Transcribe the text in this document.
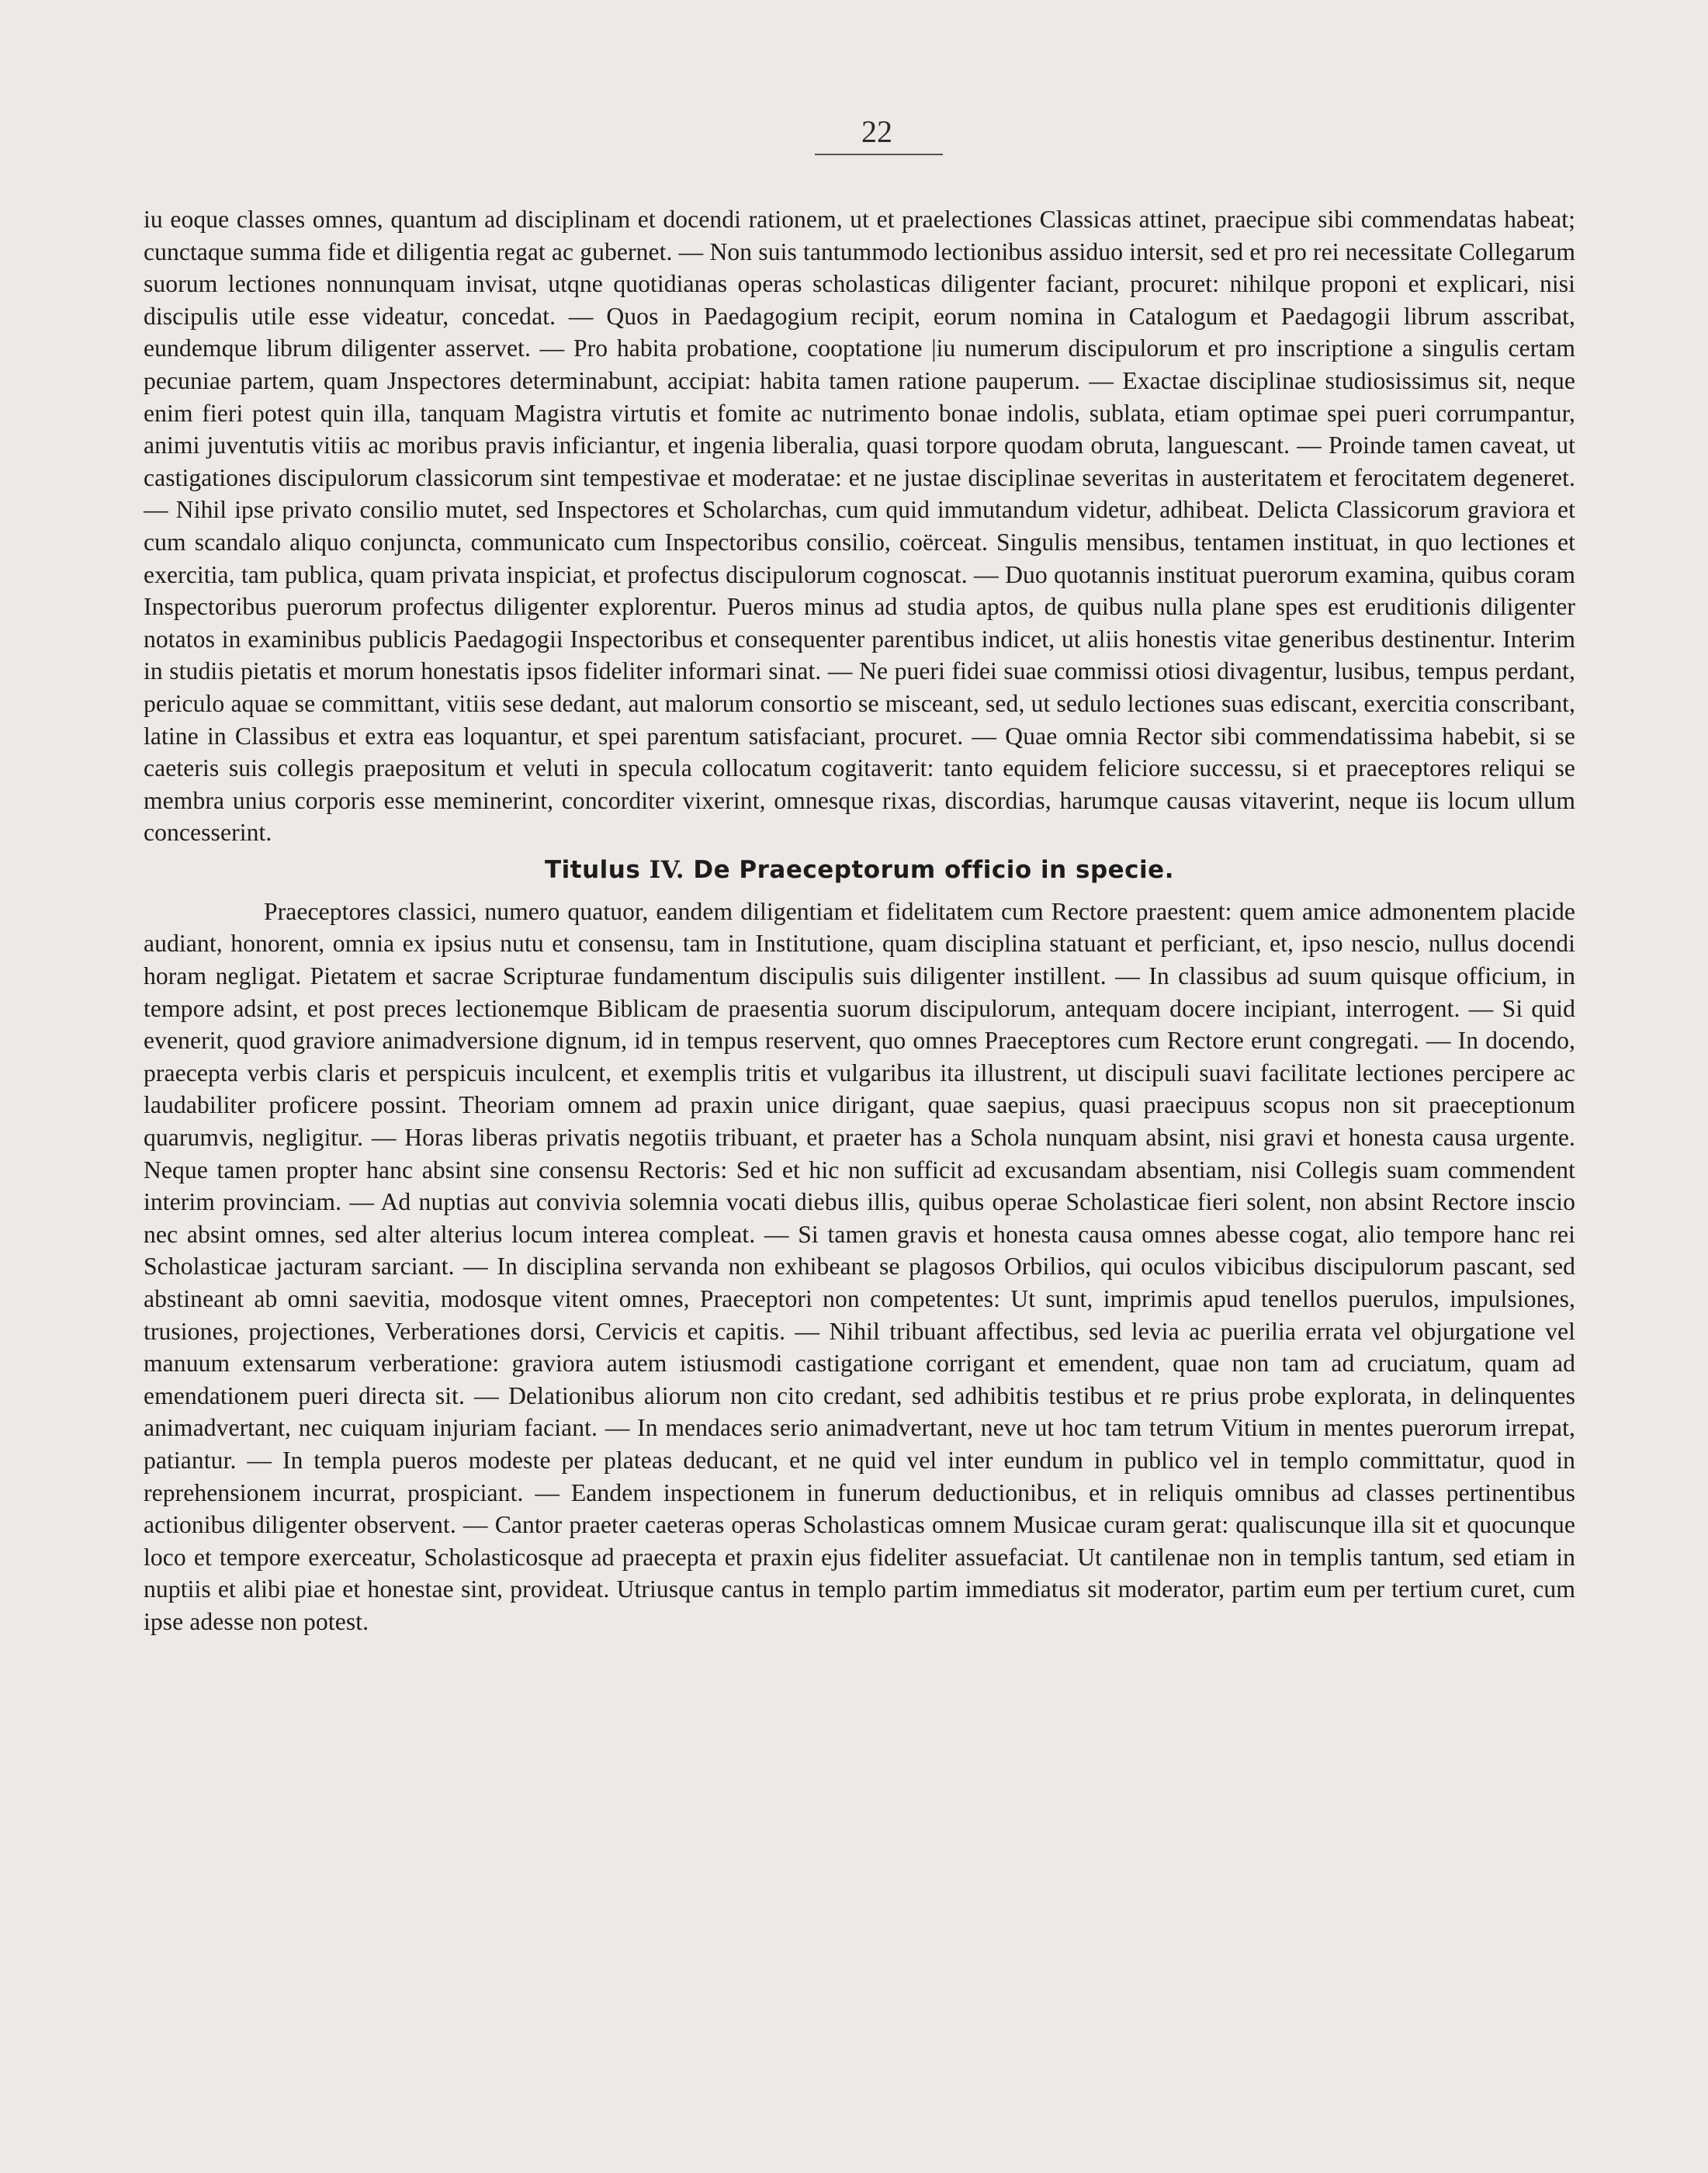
22

iu eoque classes omnes, quantum ad disciplinam et docendi rationem, ut et praelectiones Classicas attinet, praecipue sibi commendatas habeat; cunctaque summa fide et diligentia regat ac gubernet. — Non suis tantummodo lectionibus assiduo intersit, sed et pro rei necessitate Collegarum suorum lectiones nonnunquam invisat, utqne quotidianas operas scholasticas diligenter faciant, procuret: nihilque proponi et explicari, nisi discipulis utile esse videatur, concedat. — Quos in Paedagogium recipit, eorum nomina in Catalogum et Paedagogii librum asscribat, eundemque librum diligenter asservet. — Pro habita probatione, cooptatione |iu numerum discipulorum et pro inscriptione a singulis certam pecuniae partem, quam Jnspectores determinabunt, accipiat: habita tamen ratione pauperum. — Exactae disciplinae studiosissimus sit, neque enim fieri potest quin illa, tanquam Magistra virtutis et fomite ac nutrimento bonae indolis, sublata, etiam optimae spei pueri corrumpantur, animi juventutis vitiis ac moribus pravis inficiantur, et ingenia liberalia, quasi torpore quodam obruta, languescant. — Proinde tamen caveat, ut castigationes discipulorum classicorum sint tempestivae et moderatae: et ne justae disciplinae severitas in austeritatem et ferocitatem degeneret. — Nihil ipse privato consilio mutet, sed Inspectores et Scholarchas, cum quid immutandum videtur, adhibeat. Delicta Classicorum graviora et cum scandalo aliquo conjuncta, communicato cum Inspectoribus consilio, coërceat. Singulis mensibus, tentamen instituat, in quo lectiones et exercitia, tam publica, quam privata inspiciat, et profectus discipulorum cognoscat. — Duo quotannis instituat puerorum examina, quibus coram Inspectoribus puerorum profectus diligenter explorentur. Pueros minus ad studia aptos, de quibus nulla plane spes est eruditionis diligenter notatos in examinibus publicis Paedagogii Inspectoribus et consequenter parentibus indicet, ut aliis honestis vitae generibus destinentur. Interim in studiis pietatis et morum honestatis ipsos fideliter informari sinat. — Ne pueri fidei suae commissi otiosi divagentur, lusibus, tempus perdant, periculo aquae se committant, vitiis sese dedant, aut malorum consortio se misceant, sed, ut sedulo lectiones suas ediscant, exercitia conscribant, latine in Classibus et extra eas loquantur, et spei parentum satisfaciant, procuret. — Quae omnia Rector sibi commendatissima habebit, si se caeteris suis collegis praepositum et veluti in specula collocatum cogitaverit: tanto equidem feliciore successu, si et praeceptores reliqui se membra unius corporis esse meminerint, concorditer vixerint, omnesque rixas, discordias, harumque causas vitaverint, neque iis locum ullum concesserint.

Titulus IV. De Praeceptorum officio in specie.

Praeceptores classici, numero quatuor, eandem diligentiam et fidelitatem cum Rectore praestent: quem amice admonentem placide audiant, honorent, omnia ex ipsius nutu et consensu, tam in Institutione, quam disciplina statuant et perficiant, et, ipso nescio, nullus docendi horam negligat. Pietatem et sacrae Scripturae fundamentum discipulis suis diligenter instillent. — In classibus ad suum quisque officium, in tempore adsint, et post preces lectionemque Biblicam de praesentia suorum discipulorum, antequam docere incipiant, interrogent. — Si quid evenerit, quod graviore animadversione dignum, id in tempus reservent, quo omnes Praeceptores cum Rectore erunt congregati. — In docendo, praecepta verbis claris et perspicuis inculcent, et exemplis tritis et vulgaribus ita illustrent, ut discipuli suavi facilitate lectiones percipere ac laudabiliter proficere possint. Theoriam omnem ad praxin unice dirigant, quae saepius, quasi praecipuus scopus non sit praeceptionum quarumvis, negligitur. — Horas liberas privatis negotiis tribuant, et praeter has a Schola nunquam absint, nisi gravi et honesta causa urgente. Neque tamen propter hanc absint sine consensu Rectoris: Sed et hic non sufficit ad excusandam absentiam, nisi Collegis suam commendent interim provinciam. — Ad nuptias aut convivia solemnia vocati diebus illis, quibus operae Scholasticae fieri solent, non absint Rectore inscio nec absint omnes, sed alter alterius locum interea compleat. — Si tamen gravis et honesta causa omnes abesse cogat, alio tempore hanc rei Scholasticae jacturam sarciant. — In disciplina servanda non exhibeant se plagosos Orbilios, qui oculos vibicibus discipulorum pascant, sed abstineant ab omni saevitia, modosque vitent omnes, Praeceptori non competentes: Ut sunt, imprimis apud tenellos puerulos, impulsiones, trusiones, projectiones, Verberationes dorsi, Cervicis et capitis. — Nihil tribuant affectibus, sed levia ac puerilia errata vel objurgatione vel manuum extensarum verberatione: graviora autem istiusmodi castigatione corrigant et emendent, quae non tam ad cruciatum, quam ad emendationem pueri directa sit. — Delationibus aliorum non cito credant, sed adhibitis testibus et re prius probe explorata, in delinquentes animadvertant, nec cuiquam injuriam faciant. — In mendaces serio animadvertant, neve ut hoc tam tetrum Vitium in mentes puerorum irrepat, patiantur. — In templa pueros modeste per plateas deducant, et ne quid vel inter eundum in publico vel in templo committatur, quod in reprehensionem incurrat, prospiciant. — Eandem inspectionem in funerum deductionibus, et in reliquis omnibus ad classes pertinentibus actionibus diligenter observent. — Cantor praeter caeteras operas Scholasticas omnem Musicae curam gerat: qualiscunque illa sit et quocunque loco et tempore exerceatur, Scholasticosque ad praecepta et praxin ejus fideliter assuefaciat. Ut cantilenae non in templis tantum, sed etiam in nuptiis et alibi piae et honestae sint, provideat. Utriusque cantus in templo partim immediatus sit moderator, partim eum per tertium curet, cum ipse adesse non potest.
